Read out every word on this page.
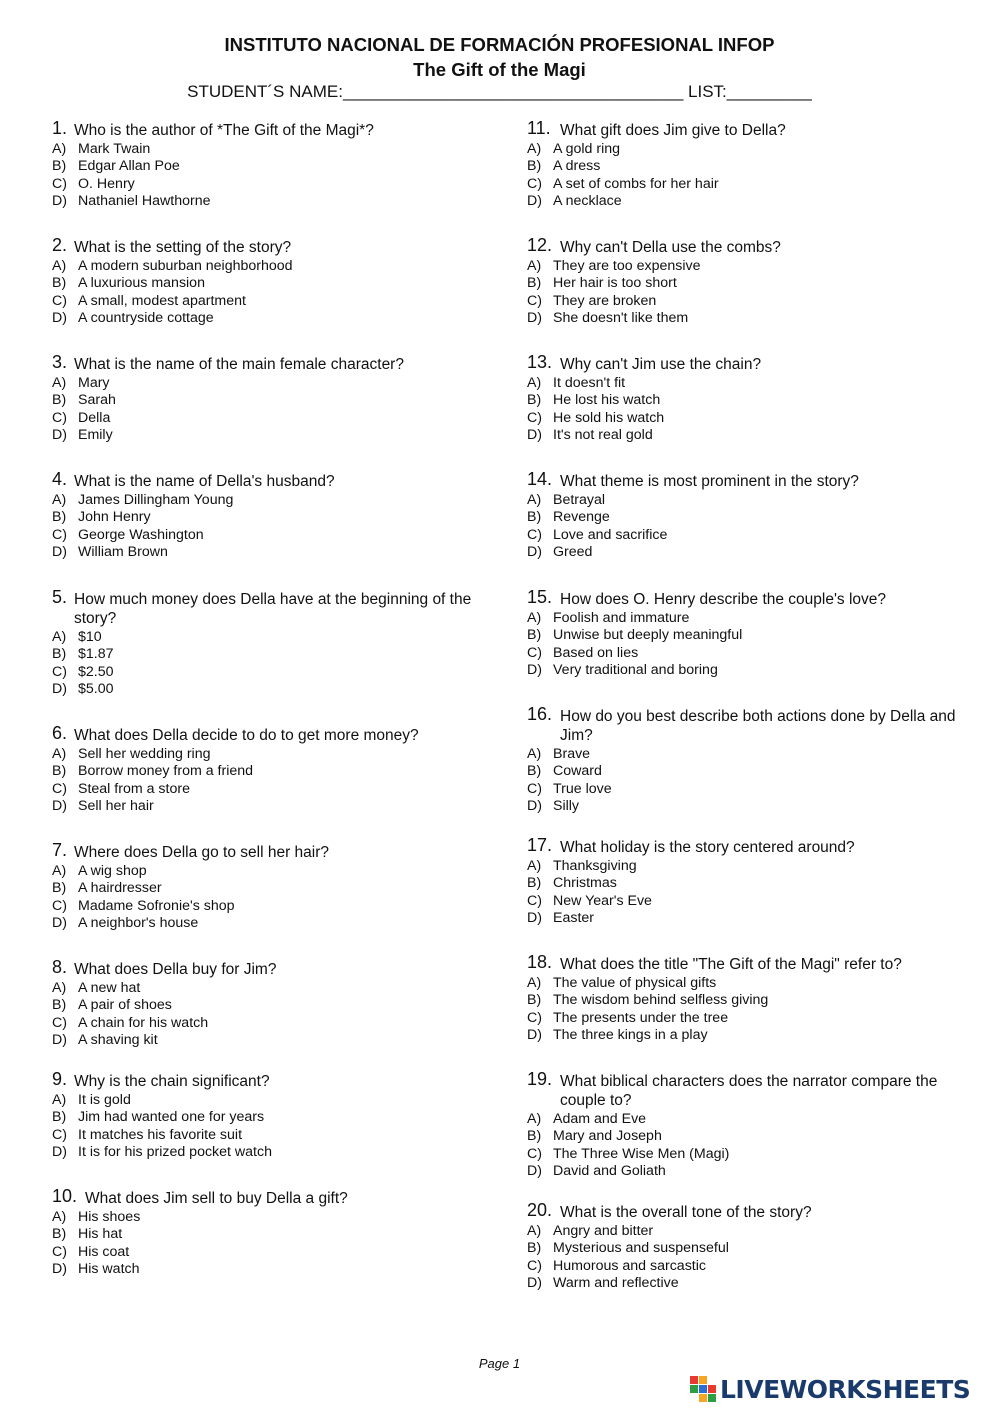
INSTITUTO NACIONAL DE FORMACIÓN PROFESIONAL INFOP
The Gift of the Magi
STUDENT´S NAME:____________________________________ LIST:_________
1. Who is the author of *The Gift of the Magi*?
A) Mark Twain
B) Edgar Allan Poe
C) O. Henry
D) Nathaniel Hawthorne
2. What is the setting of the story?
A) A modern suburban neighborhood
B) A luxurious mansion
C) A small, modest apartment
D) A countryside cottage
3. What is the name of the main female character?
A) Mary
B) Sarah
C) Della
D) Emily
4. What is the name of Della's husband?
A) James Dillingham Young
B) John Henry
C) George Washington
D) William Brown
5. How much money does Della have at the beginning of the story?
A) $10
B) $1.87
C) $2.50
D) $5.00
6. What does Della decide to do to get more money?
A) Sell her wedding ring
B) Borrow money from a friend
C) Steal from a store
D) Sell her hair
7. Where does Della go to sell her hair?
A) A wig shop
B) A hairdresser
C) Madame Sofronie's shop
D) A neighbor's house
8. What does Della buy for Jim?
A) A new hat
B) A pair of shoes
C) A chain for his watch
D) A shaving kit
9. Why is the chain significant?
A) It is gold
B) Jim had wanted one for years
C) It matches his favorite suit
D) It is for his prized pocket watch
10. What does Jim sell to buy Della a gift?
A) His shoes
B) His hat
C) His coat
D) His watch
11. What gift does Jim give to Della?
A) A gold ring
B) A dress
C) A set of combs for her hair
D) A necklace
12. Why can't Della use the combs?
A) They are too expensive
B) Her hair is too short
C) They are broken
D) She doesn't like them
13. Why can't Jim use the chain?
A) It doesn't fit
B) He lost his watch
C) He sold his watch
D) It's not real gold
14. What theme is most prominent in the story?
A) Betrayal
B) Revenge
C) Love and sacrifice
D) Greed
15. How does O. Henry describe the couple's love?
A) Foolish and immature
B) Unwise but deeply meaningful
C) Based on lies
D) Very traditional and boring
16. How do you best describe both actions done by Della and Jim?
A) Brave
B) Coward
C) True love
D) Silly
17. What holiday is the story centered around?
A) Thanksgiving
B) Christmas
C) New Year's Eve
D) Easter
18. What does the title "The Gift of the Magi" refer to?
A) The value of physical gifts
B) The wisdom behind selfless giving
C) The presents under the tree
D) The three kings in a play
19. What biblical characters does the narrator compare the couple to?
A) Adam and Eve
B) Mary and Joseph
C) The Three Wise Men (Magi)
D) David and Goliath
20. What is the overall tone of the story?
A) Angry and bitter
B) Mysterious and suspenseful
C) Humorous and sarcastic
D) Warm and reflective
Page 1
LIVEWORKSHEETS
